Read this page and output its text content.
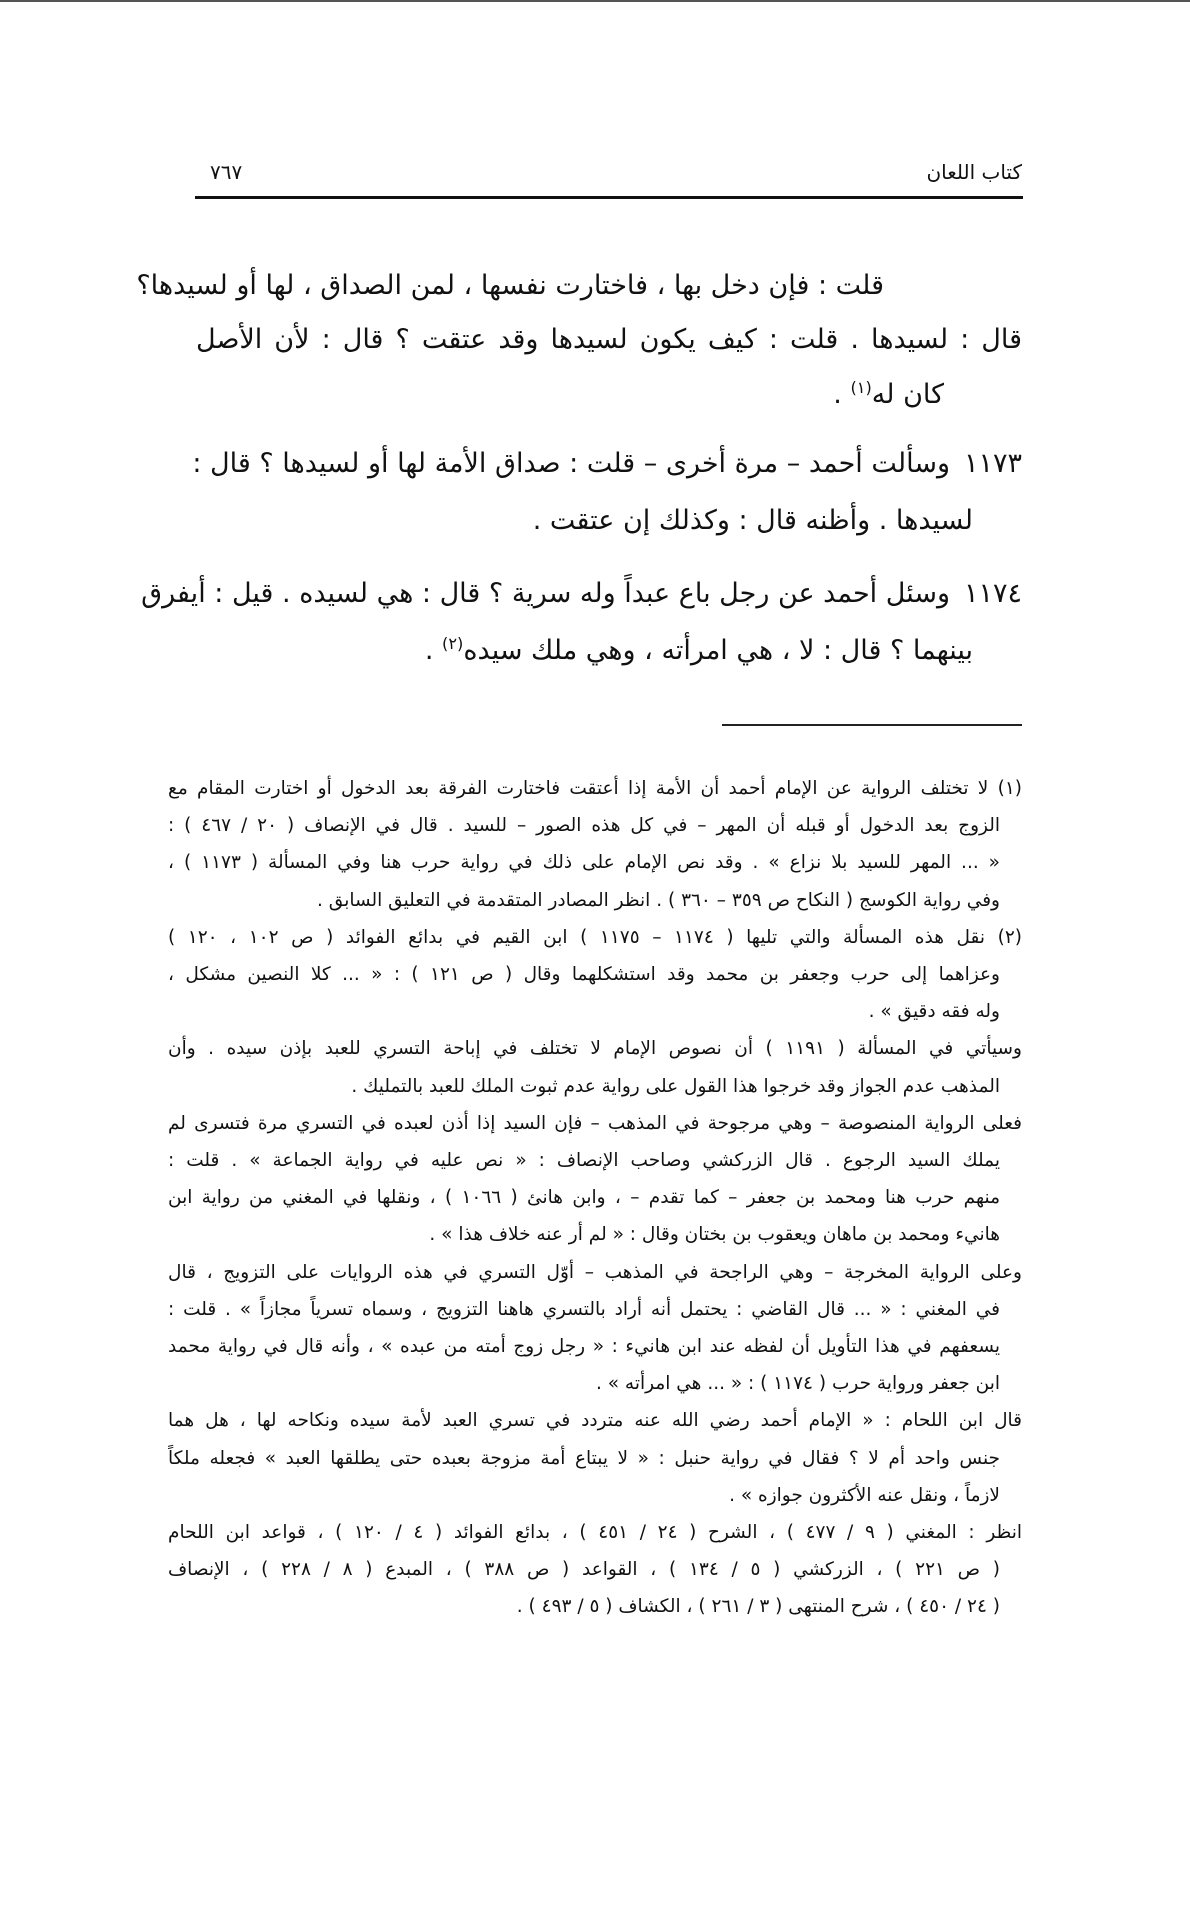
كتاب اللعان
٧٦٧
قلت : فإن دخل بها ، فاختارت نفسها ، لمن الصداق ، لها أو لسيدها؟
قال : لسيدها . قلت : كيف يكون لسيدها وقد عتقت ؟ قال : لأن الأصل
كان له$^{(١)}$ .
١١٧٣
وسألت أحمد – مرة أخرى – قلت : صداق الأمة لها أو لسيدها ؟ قال :
لسيدها . وأظنه قال : وكذلك إن عتقت .
١١٧٤
وسئل أحمد عن رجل باع عبداً وله سرية ؟ قال : هي لسيده . قيل : أيفرق
بينهما ؟ قال : لا ، هي امرأته ، وهي ملك سيده$^{(٢)}$ .
(١) لا تختلف الرواية عن الإمام أحمد أن الأمة إذا أعتقت فاختارت الفرقة بعد الدخول أو اختارت المقام مع
الزوج بعد الدخول أو قبله أن المهر – في كل هذه الصور – للسيد . قال في الإنصاف ( ٢٠ / ٤٦٧ ) :
« ... المهر للسيد بلا نزاع » . وقد نص الإمام على ذلك في رواية حرب هنا وفي المسألة ( ١١٧٣ ) ،
وفي رواية الكوسج ( النكاح ص ٣٥٩ – ٣٦٠ ) . انظر المصادر المتقدمة في التعليق السابق .
(٢) نقل هذه المسألة والتي تليها ( ١١٧٤ – ١١٧٥ ) ابن القيم في بدائع الفوائد ( ص ١٠٢ ، ١٢٠ )
وعزاهما إلى حرب وجعفر بن محمد وقد استشكلهما وقال ( ص ١٢١ ) : « ... كلا النصين مشكل ،
وله فقه دقيق » .
وسيأتي في المسألة ( ١١٩١ ) أن نصوص الإمام لا تختلف في إباحة التسري للعبد بإذن سيده . وأن
المذهب عدم الجواز وقد خرجوا هذا القول على رواية عدم ثبوت الملك للعبد بالتمليك .
فعلى الرواية المنصوصة – وهي مرجوحة في المذهب – فإن السيد إذا أذن لعبده في التسري مرة فتسرى لم
يملك السيد الرجوع . قال الزركشي وصاحب الإنصاف : « نص عليه في رواية الجماعة » . قلت :
منهم حرب هنا ومحمد بن جعفر – كما تقدم – ، وابن هانئ ( ١٠٦٦ ) ، ونقلها في المغني من رواية ابن
هانيء ومحمد بن ماهان ويعقوب بن بختان وقال : « لم أر عنه خلاف هذا » .
وعلى الرواية المخرجة – وهي الراجحة في المذهب – أوّل التسري في هذه الروايات على التزويج ، قال
في المغني : « ... قال القاضي : يحتمل أنه أراد بالتسري هاهنا التزويج ، وسماه تسرياً مجازاً » . قلت :
يسعفهم في هذا التأويل أن لفظه عند ابن هانيء : « رجل زوج أمته من عبده » ، وأنه قال في رواية محمد
ابن جعفر ورواية حرب ( ١١٧٤ ) : « ... هي امرأته » .
قال ابن اللحام : « الإمام أحمد رضي الله عنه متردد في تسري العبد لأمة سيده ونكاحه لها ، هل هما
جنس واحد أم لا ؟ فقال في رواية حنبل : « لا يبتاع أمة مزوجة بعبده حتى يطلقها العبد » فجعله ملكاً
لازماً ، ونقل عنه الأكثرون جوازه » .
انظر : المغني ( ٩ / ٤٧٧ ) ، الشرح ( ٢٤ / ٤٥١ ) ، بدائع الفوائد ( ٤ / ١٢٠ ) ، قواعد ابن اللحام
( ص ٢٢١ ) ، الزركشي ( ٥ / ١٣٤ ) ، القواعد ( ص ٣٨٨ ) ، المبدع ( ٨ / ٢٢٨ ) ، الإنصاف
( ٢٤ / ٤٥٠ ) ، شرح المنتهى ( ٣ / ٢٦١ ) ، الكشاف ( ٥ / ٤٩٣ ) .
